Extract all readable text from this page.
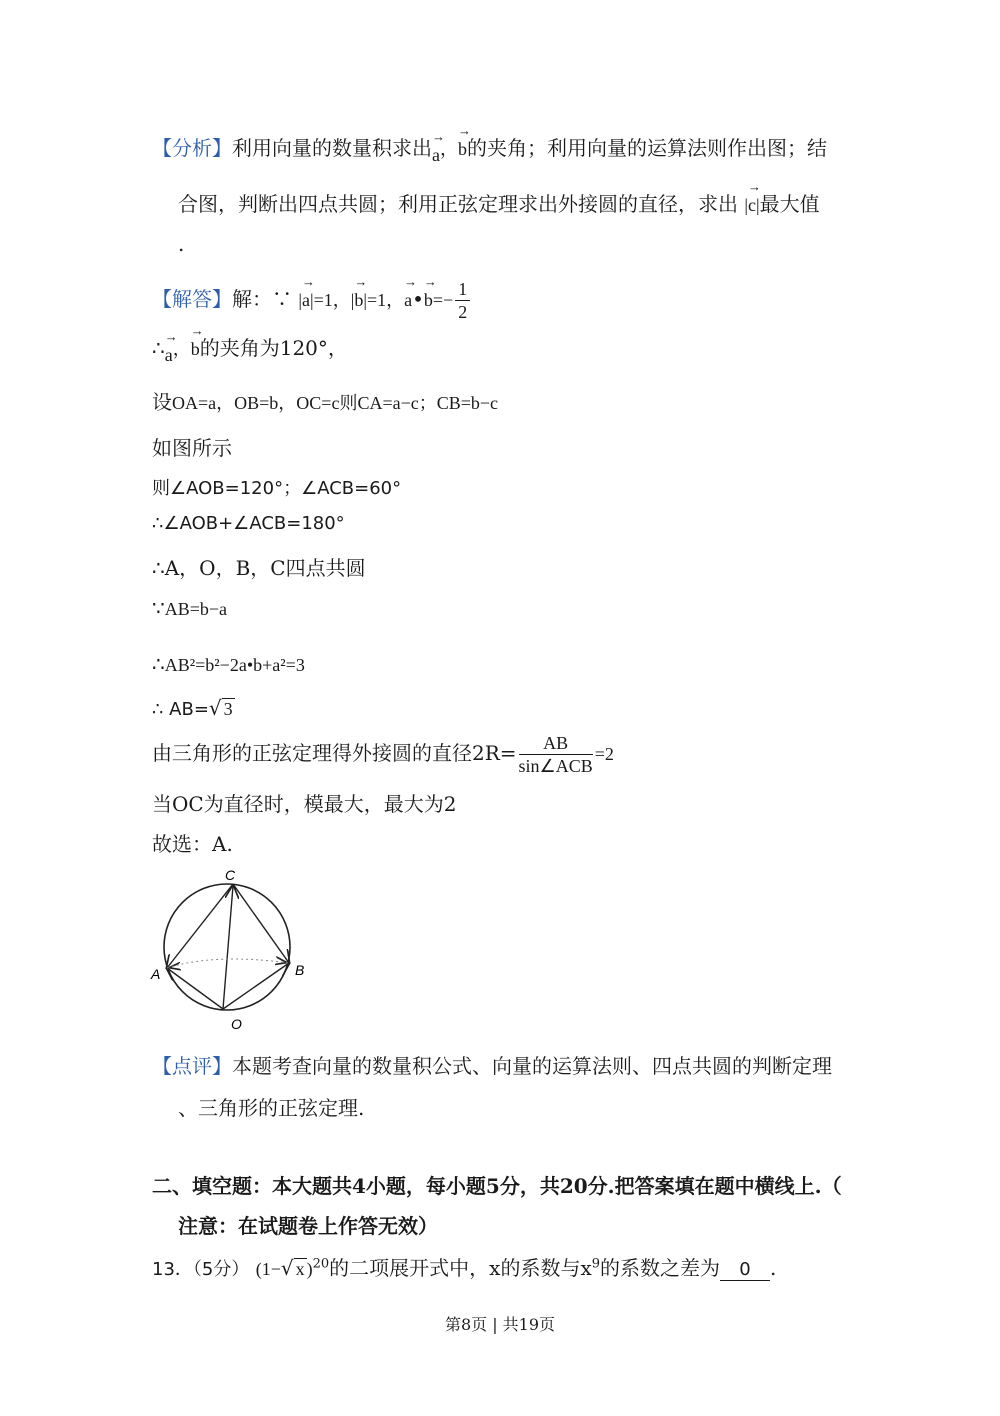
【分析】利用向量的数量积求出→ a，→ b的夹角；利用向量的运算法则作出图；结
合图，判断出四点共圆；利用正弦定理求出外接圆的直径，求出 |→ c|最大值
.
【解答】解：∵ |→ a|=1，|→ b|=1，→ a•→ $b=- \frac{1}{2}$
∴→ a，→ b的夹角为120°，
设OA=a，OB=b，OC=c则CA=a−c；CB=b−c
如图所示
则∠AOB=120°；∠ACB=60°
∴∠AOB+∠ACB=180°
∴A，O，B，C四点共圆
∵AB=b−a
∴AB²=b²−2a•b+a²=3
∴ AB=√ 3
由三角形的正弦定理得外接圆的直径$2R= \frac{AB}{\text{sin∠ACB}} =2$
当OC为直径时，模最大，最大为2
故选：A.
C
A	B
O
【点评】本题考查向量的数量积公式、向量的运算法则、四点共圆的判断定理
、三角形的正弦定理.
二、填空题：本大题共4小题，每小题5分，共20分.把答案填在题中横线上.（
注意：在试题卷上作答无效）
13．（5分） (1−√ x )$^{20}$的二项展开式中，x的系数与$x^9$的系数之差为 0 .
第8页 | 共19页
